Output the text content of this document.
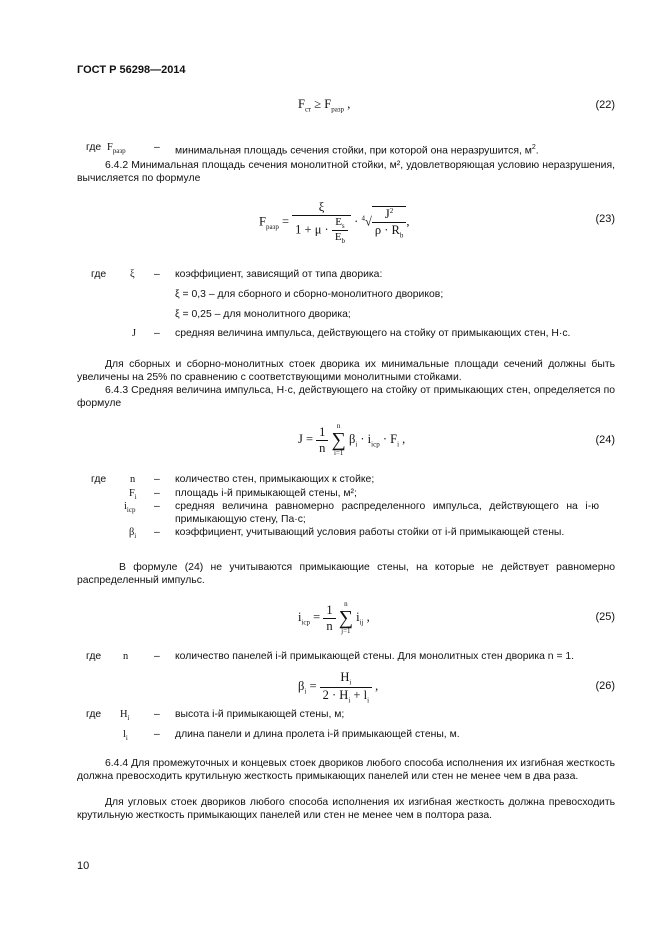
ГОСТ Р 56298—2014
$F_{ст} \ge F_{разр}$ ,	(22)
где $F_{разр}$	– минимальная площадь сечения стойки, при которой она неразрушится, $м^2$.
6.4.2 Минимальная площадь сечения монолитной стойки, м², удовлетворяющая условию неразрушения, вычисляется по формуле
$F_{разр} = \frac{\xi}{1 + \mu \cdot \frac{E_s}{E_b}} \cdot ^4√ \frac{J^2}{\rho \cdot R_b}$ ,	(23)
где ξ – коэффициент, зависящий от типа дворика:
ξ = 0,3 – для сборного и сборно-монолитного двориков;
ξ = 0,25 – для монолитного дворика;
J – средняя величина импульса, действующего на стойку от примыкающих стен, Н·с.
Для сборных и сборно-монолитных стоек дворика их минимальные площади сечений должны быть увеличены на 25% по сравнению с соответствующими монолитными стойками.
6.4.3 Средняя величина импульса, Н·с, действующего на стойку от примыкающих стен, определяется по формуле
$J = \frac{1}{n}$
	n
∑
i=1
$\beta_i \cdot i_{icp} \cdot F_i$ ,	(24)
где n – количество стен, примыкающих к стойке;
$F_i$ – площадь i-й примыкающей стены, м²;
$i_{icp}$ – средняя величина равномерно распределенного импульса, действующего на i-ю примыкающую стену, Па·с;
$\beta_i$ – коэффициент, учитывающий условия работы стойки от i-й примыкающей стены.
В формуле (24) не учитываются примыкающие стены, на которые не действует равномерно распределенный импульс.
$i_{icp} = \frac{1}{n}$
	n
∑
j=1
$i_{ij}$ ,	(25)
где n – количество панелей i-й примыкающей стены. Для монолитных стен дворика n = 1.
$\beta_i = \frac{H_i}{2 \cdot H_i + l_i}$ ,	(26)
где $H_i$ – высота i-й примыкающей стены, м;
$l_i$	– длина панели и длина пролета i-й примыкающей стены, м.
6.4.4 Для промежуточных и концевых стоек двориков любого способа исполнения их изгибная жесткость должна превосходить крутильную жесткость примыкающих панелей или стен не менее чем в два раза.
Для угловых стоек двориков любого способа исполнения их изгибная жесткость должна превосходить крутильную жесткость примыкающих панелей или стен не менее чем в полтора раза.
10
